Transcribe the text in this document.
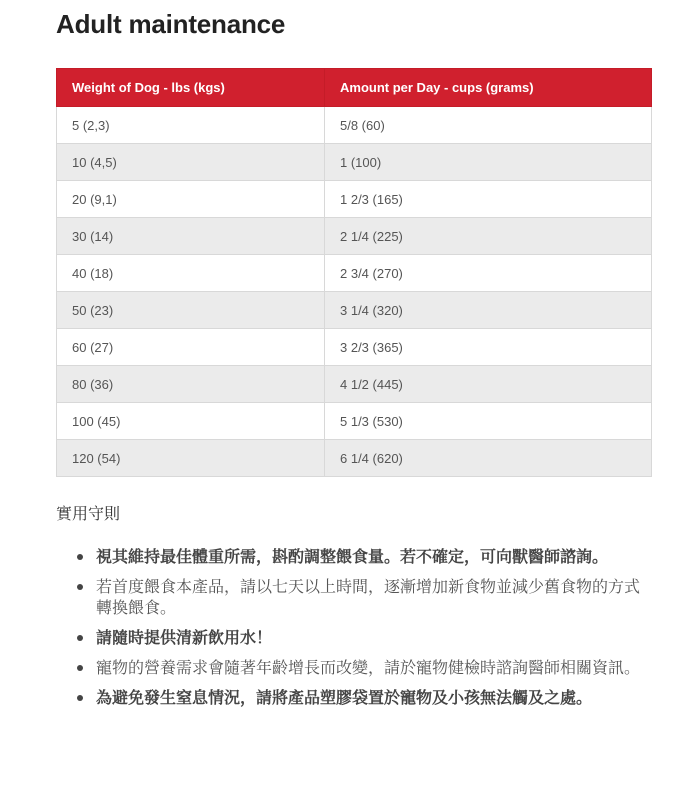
Adult maintenance
Weight of Dog - lbs (kgs)	Amount per Day - cups (grams)
5 (2,3)	5/8 (60)
10 (4,5)	1 (100)
20 (9,1)	1 2/3 (165)
30 (14)	2 1/4 (225)
40 (18)	2 3/4 (270)
50 (23)	3 1/4 (320)
60 (27)	3 2/3 (365)
80 (36)	4 1/2 (445)
100 (45)	5 1/3 (530)
120 (54)	6 1/4 (620)
實用守則
視其維持最佳體重所需，斟酌調整餵食量。若不確定，可向獸醫師諮詢。
若首度餵食本產品，請以七天以上時間，逐漸增加新食物並減少舊食物的方式轉換餵食。
請隨時提供清新飲用水！
寵物的營養需求會隨著年齡增長而改變，請於寵物健檢時諮詢醫師相關資訊。
為避免發生窒息情況，請將產品塑膠袋置於寵物及小孩無法觸及之處。
